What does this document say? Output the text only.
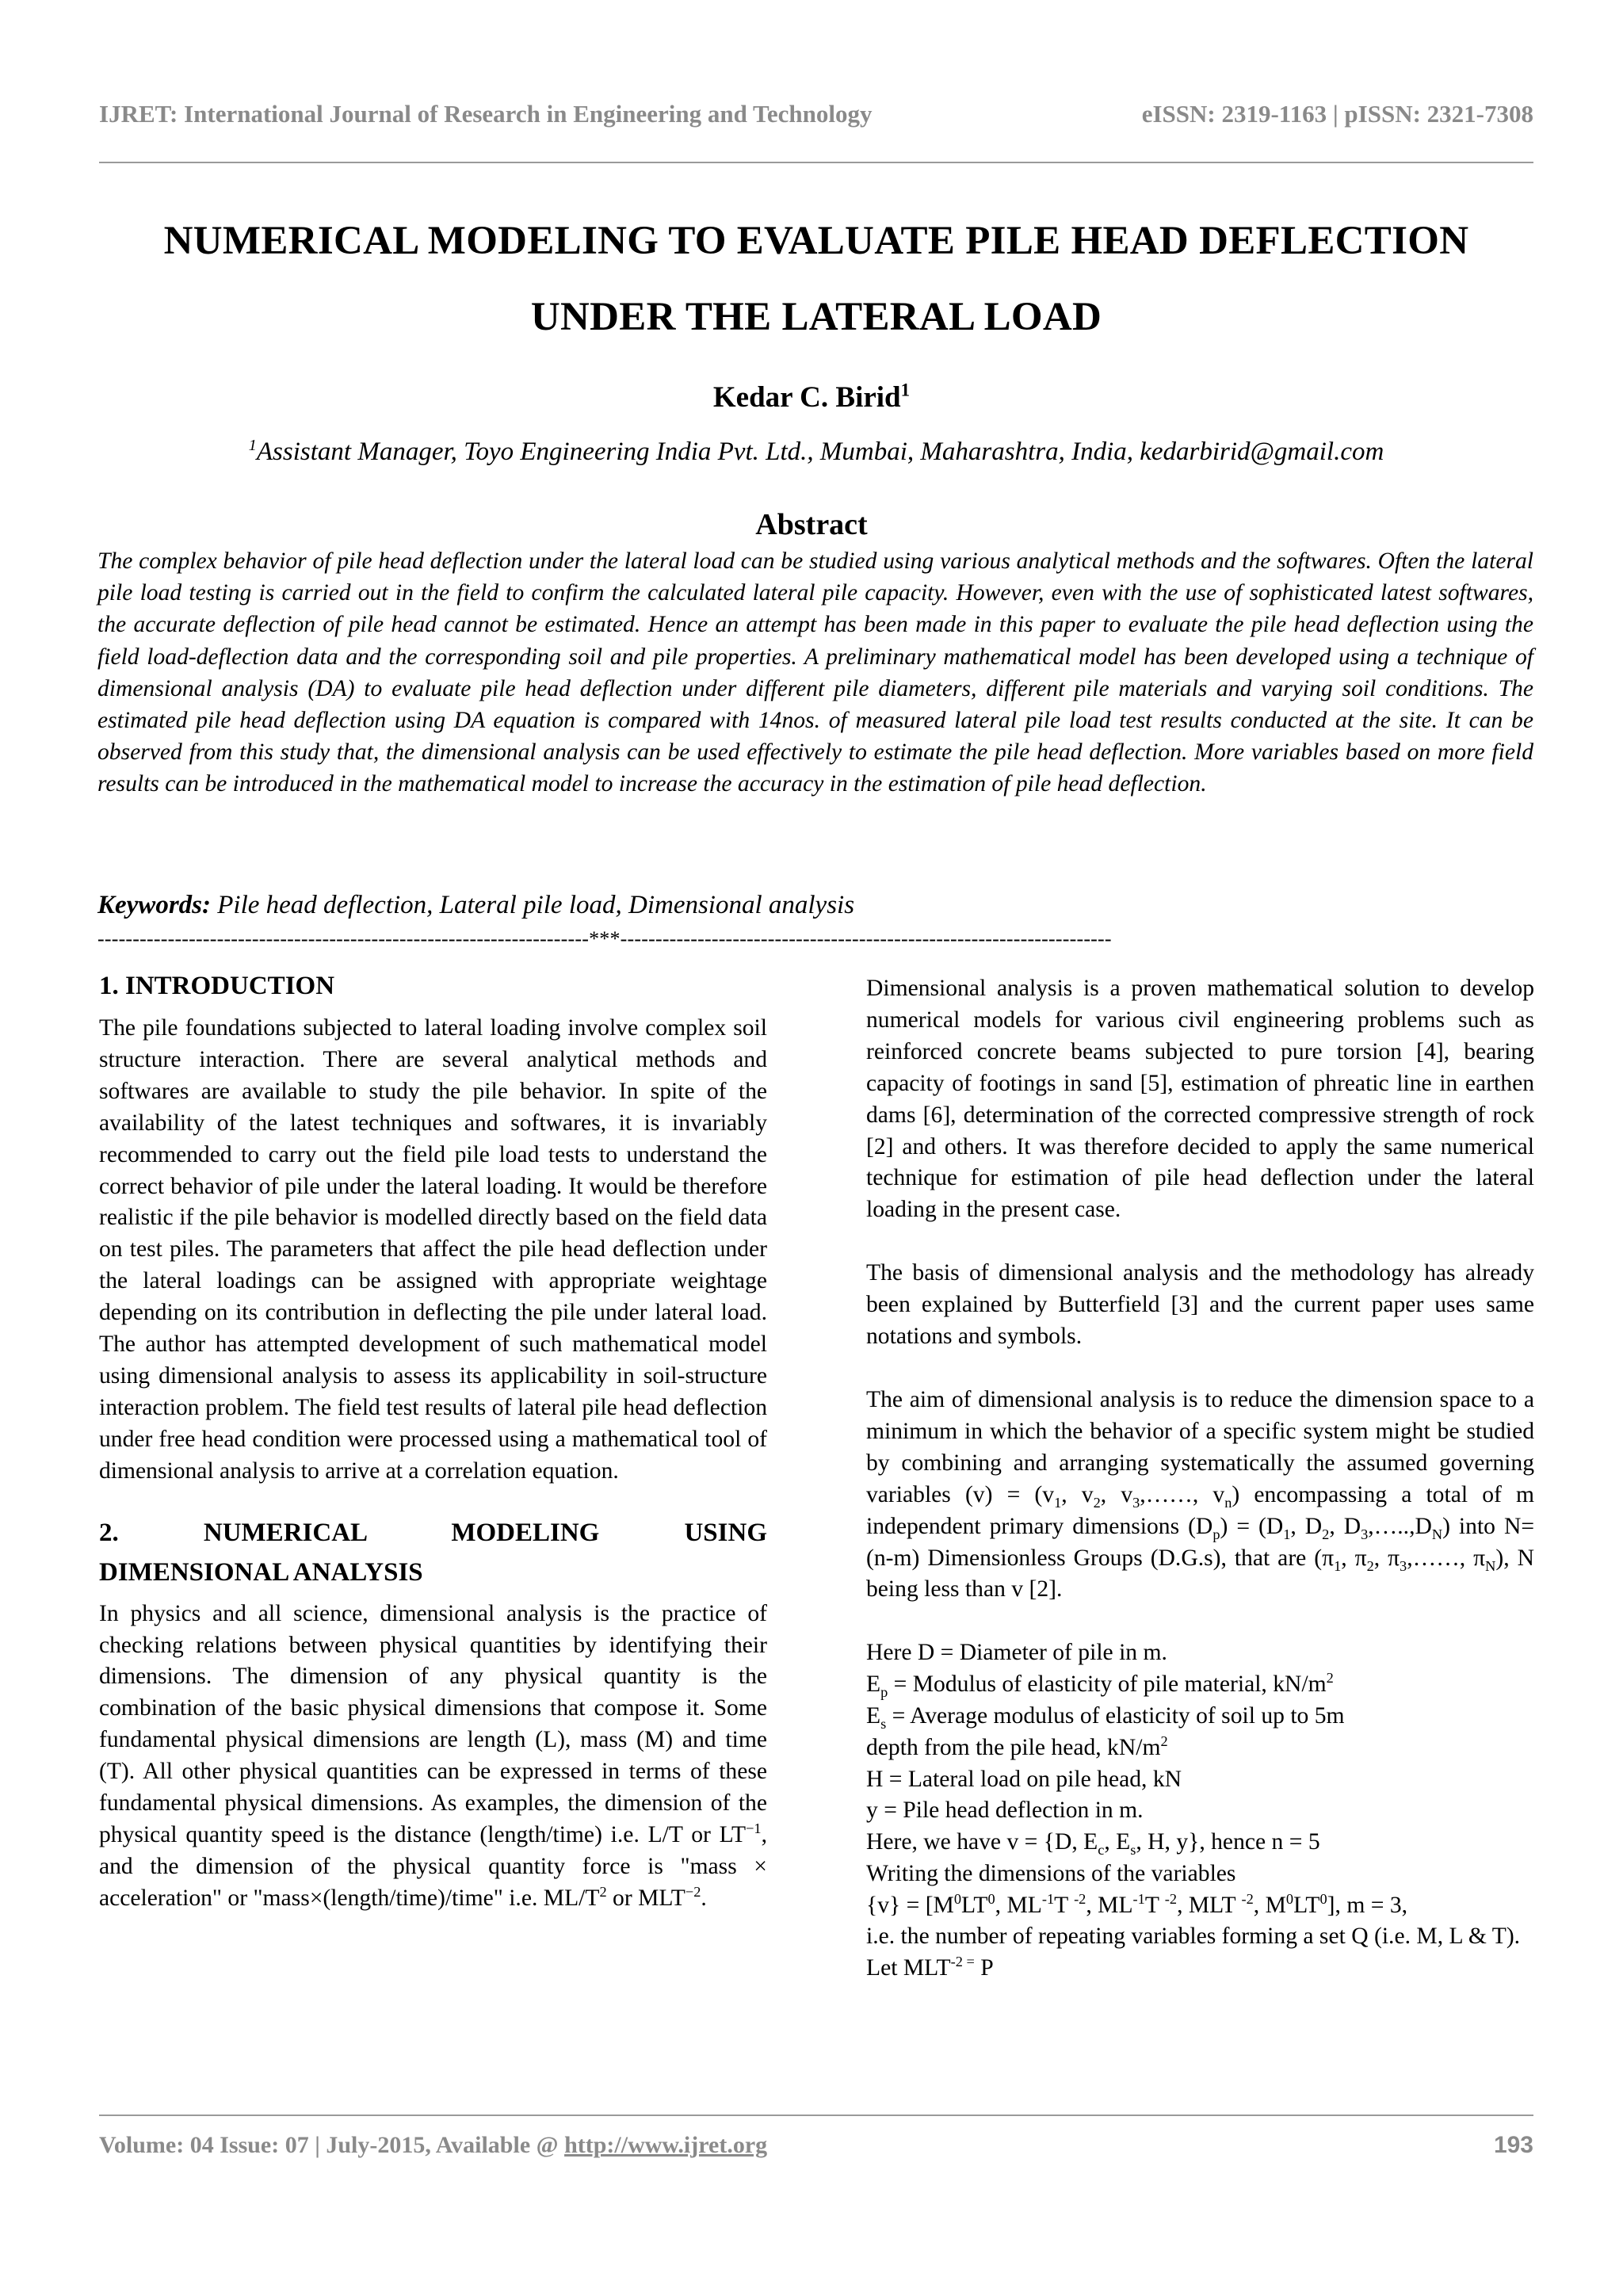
IJRET: International Journal of Research in Engineering and Technology	eISSN: 2319-1163 | pISSN: 2321-7308
NUMERICAL MODELING TO EVALUATE PILE HEAD DEFLECTION
UNDER THE LATERAL LOAD
Kedar C. Birid$^1$
$^1$Assistant Manager, Toyo Engineering India Pvt. Ltd., Mumbai, Maharashtra, India, kedarbirid@gmail.com
Abstract
The complex behavior of pile head deflection under the lateral load can be studied using various analytical methods and the softwares. Often the lateral pile load testing is carried out in the field to confirm the calculated lateral pile capacity. However, even with the use of sophisticated latest softwares, the accurate deflection of pile head cannot be estimated. Hence an attempt has been made in this paper to evaluate the pile head deflection using the field load-deflection data and the corresponding soil and pile properties. A preliminary mathematical model has been developed using a technique of dimensional analysis (DA) to evaluate pile head deflection under different pile diameters, different pile materials and varying soil conditions. The estimated pile head deflection using DA equation is compared with 14nos. of measured lateral pile load test results conducted at the site. It can be observed from this study that, the dimensional analysis can be used effectively to estimate the pile head deflection. More variables based on more field results can be introduced in the mathematical model to increase the accuracy in the estimation of pile head deflection.
Keywords: Pile head deflection, Lateral pile load, Dimensional analysis
----------------------------------------------------------------------***----------------------------------------------------------------------
1. INTRODUCTION

The pile foundations subjected to lateral loading involve complex soil structure interaction. There are several analytical methods and softwares are available to study the pile behavior. In spite of the availability of the latest techniques and softwares, it is invariably recommended to carry out the field pile load tests to understand the correct behavior of pile under the lateral loading. It would be therefore realistic if the pile behavior is modelled directly based on the field data on test piles. The parameters that affect the pile head deflection under the lateral loadings can be assigned with appropriate weightage depending on its contribution in deflecting the pile under lateral load. The author has attempted development of such mathematical model using dimensional analysis to assess its applicability in soil-structure interaction problem. The field test results of lateral pile head deflection under free head condition were processed using a mathematical tool of dimensional analysis to arrive at a correlation equation.

2. NUMERICAL MODELING USING
DIMENSIONAL ANALYSIS

In physics and all science, dimensional analysis is the practice of checking relations between physical quantities by identifying their dimensions. The dimension of any physical quantity is the combination of the basic physical dimensions that compose it. Some fundamental physical dimensions are length (L), mass (M) and time (T). All other physical quantities can be expressed in terms of these fundamental physical dimensions. As examples, the dimension of the physical quantity speed is the distance (length/time) i.e. L/T or $LT^{-1}$, and the dimension of the physical quantity force is "mass × acceleration" or "mass×(length/time)/time" i.e. $ML/T^2$ or $MLT^{-2}$.

Dimensional analysis is a proven mathematical solution to develop numerical models for various civil engineering problems such as reinforced concrete beams subjected to pure torsion [4], bearing capacity of footings in sand [5], estimation of phreatic line in earthen dams [6], determination of the corrected compressive strength of rock [2] and others. It was therefore decided to apply the same numerical technique for estimation of pile head deflection under the lateral loading in the present case.

The basis of dimensional analysis and the methodology has already been explained by Butterfield [3] and the current paper uses same notations and symbols.

The aim of dimensional analysis is to reduce the dimension space to a minimum in which the behavior of a specific system might be studied by combining and arranging systematically the assumed governing variables $(v) = (v_1$, $v_2$, $v_3,\dots\dots$, $v_n$) encompassing a total of m independent primary dimensions $(D_p) = (D_1$, $D_2$, $D_3,\dots..,D_N$) into N= (n-m) Dimensionless Groups (D.G.s), that are ($\pi_1$, $\pi_2$, $\pi_3,\dots\dots$, $\pi_N$), N being less than v [2].

Here D = Diameter of pile in m.

$E_p$ = Modulus of elasticity of pile material, $kN/m^2$

$E_s$ = Average modulus of elasticity of soil up to 5m

depth from the pile head, $kN/m^2$

H = Lateral load on pile head, kN

y = Pile head deflection in m.

Here, we have v = {D, $E_c$, $E_s$, H, y}, hence n = 5

Writing the dimensions of the variables

$\{v\} = [M^0LT^0$, $ML^{-1}T$ $^{-2}$, $ML^{-1}T$ $^{-2}$, MLT $^{-2}$, $M^0LT^0$], m = 3,

i.e. the number of repeating variables forming a set Q (i.e. M, L & T).

Let $MLT^{-2 =}$ P

Volume: 04 Issue: 07 | July-2015, Available @ http://www.ijret.org	193
